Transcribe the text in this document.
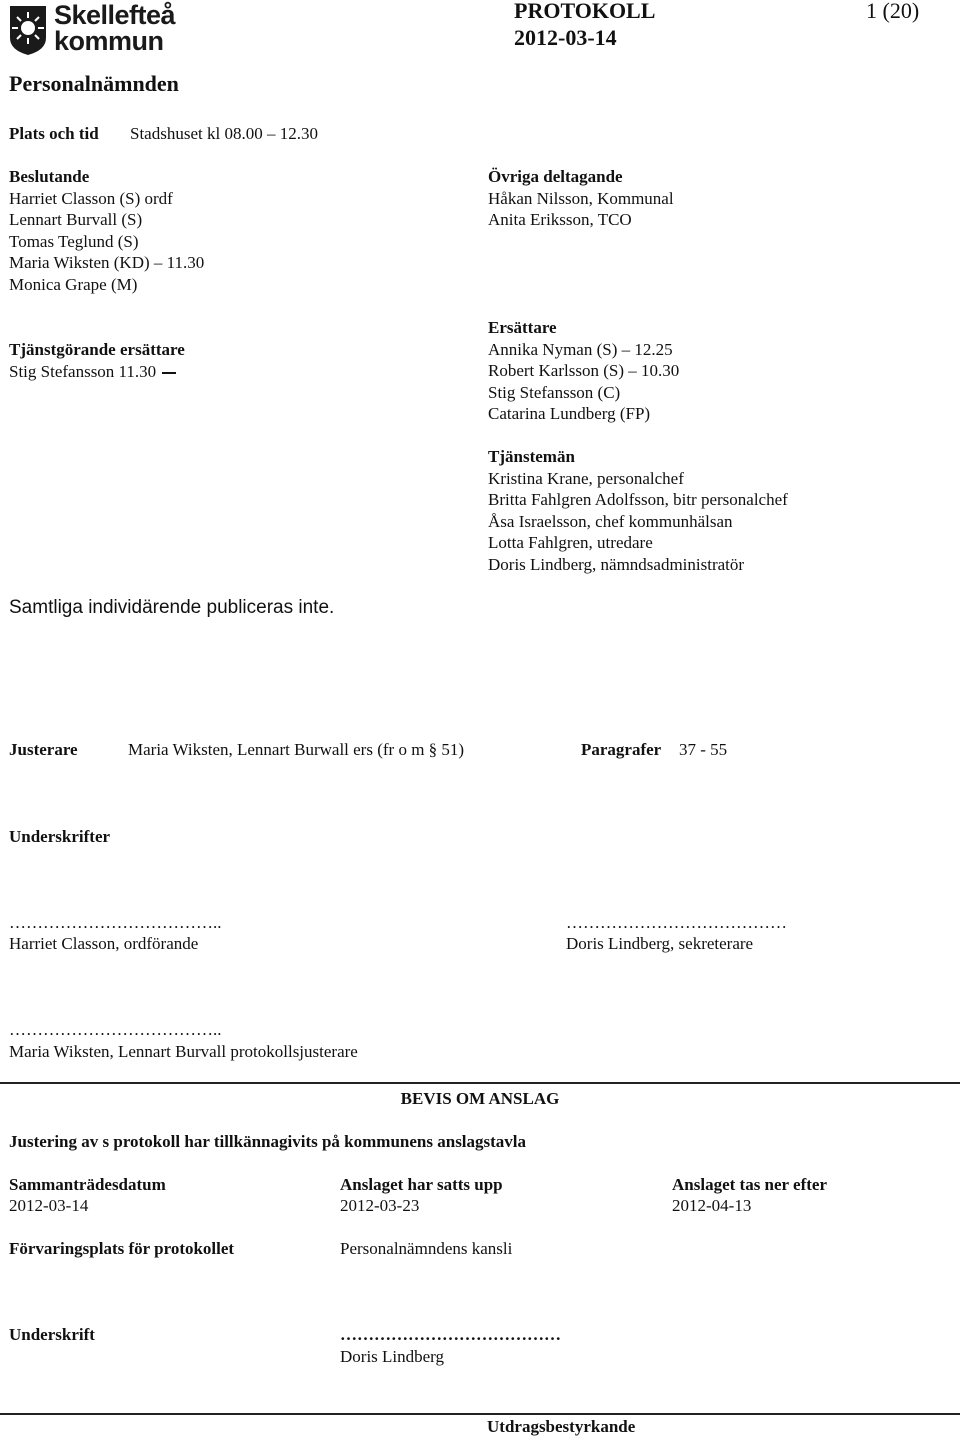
Skellefteå
kommun
PROTOKOLL	1 (20)
2012-03-14
Personalnämnden
Plats och tid Stadshuset kl 08.00 – 12.30
Beslutande
Harriet Classon (S) ordf
Lennart Burvall (S)
Tomas Teglund (S)
Maria Wiksten (KD) – 11.30
Monica Grape (M)
Övriga deltagande
Håkan Nilsson, Kommunal
Anita Eriksson, TCO
Tjänstgörande ersättare
Stig Stefansson 11.30
Ersättare
Annika Nyman (S) – 12.25
Robert Karlsson (S) – 10.30
Stig Stefansson (C)
Catarina Lundberg (FP)
Tjänstemän
Kristina Krane, personalchef
Britta Fahlgren Adolfsson, bitr personalchef
Åsa Israelsson, chef kommunhälsan
Lotta Fahlgren, utredare
Doris Lindberg, nämndsadministratör
Samtliga individärende publiceras inte.
Justerare	Maria Wiksten, Lennart Burwall ers (fr o m § 51)	Paragrafer 37 - 55
Underskrifter
………………………………..	…………………………………
Harriet Classon, ordförande	Doris Lindberg, sekreterare
………………………………..
Maria Wiksten, Lennart Burvall protokollsjusterare
BEVIS OM ANSLAG
Justering av s protokoll har tillkännagivits på kommunens anslagstavla
Sammanträdesdatum
2012-03-14
Anslaget har satts upp
2012-03-23
Anslaget tas ner efter
2012-04-13
Förvaringsplats för protokollet	Personalnämndens kansli
Underskrift	…………………………………
Doris Lindberg
Utdragsbestyrkande
